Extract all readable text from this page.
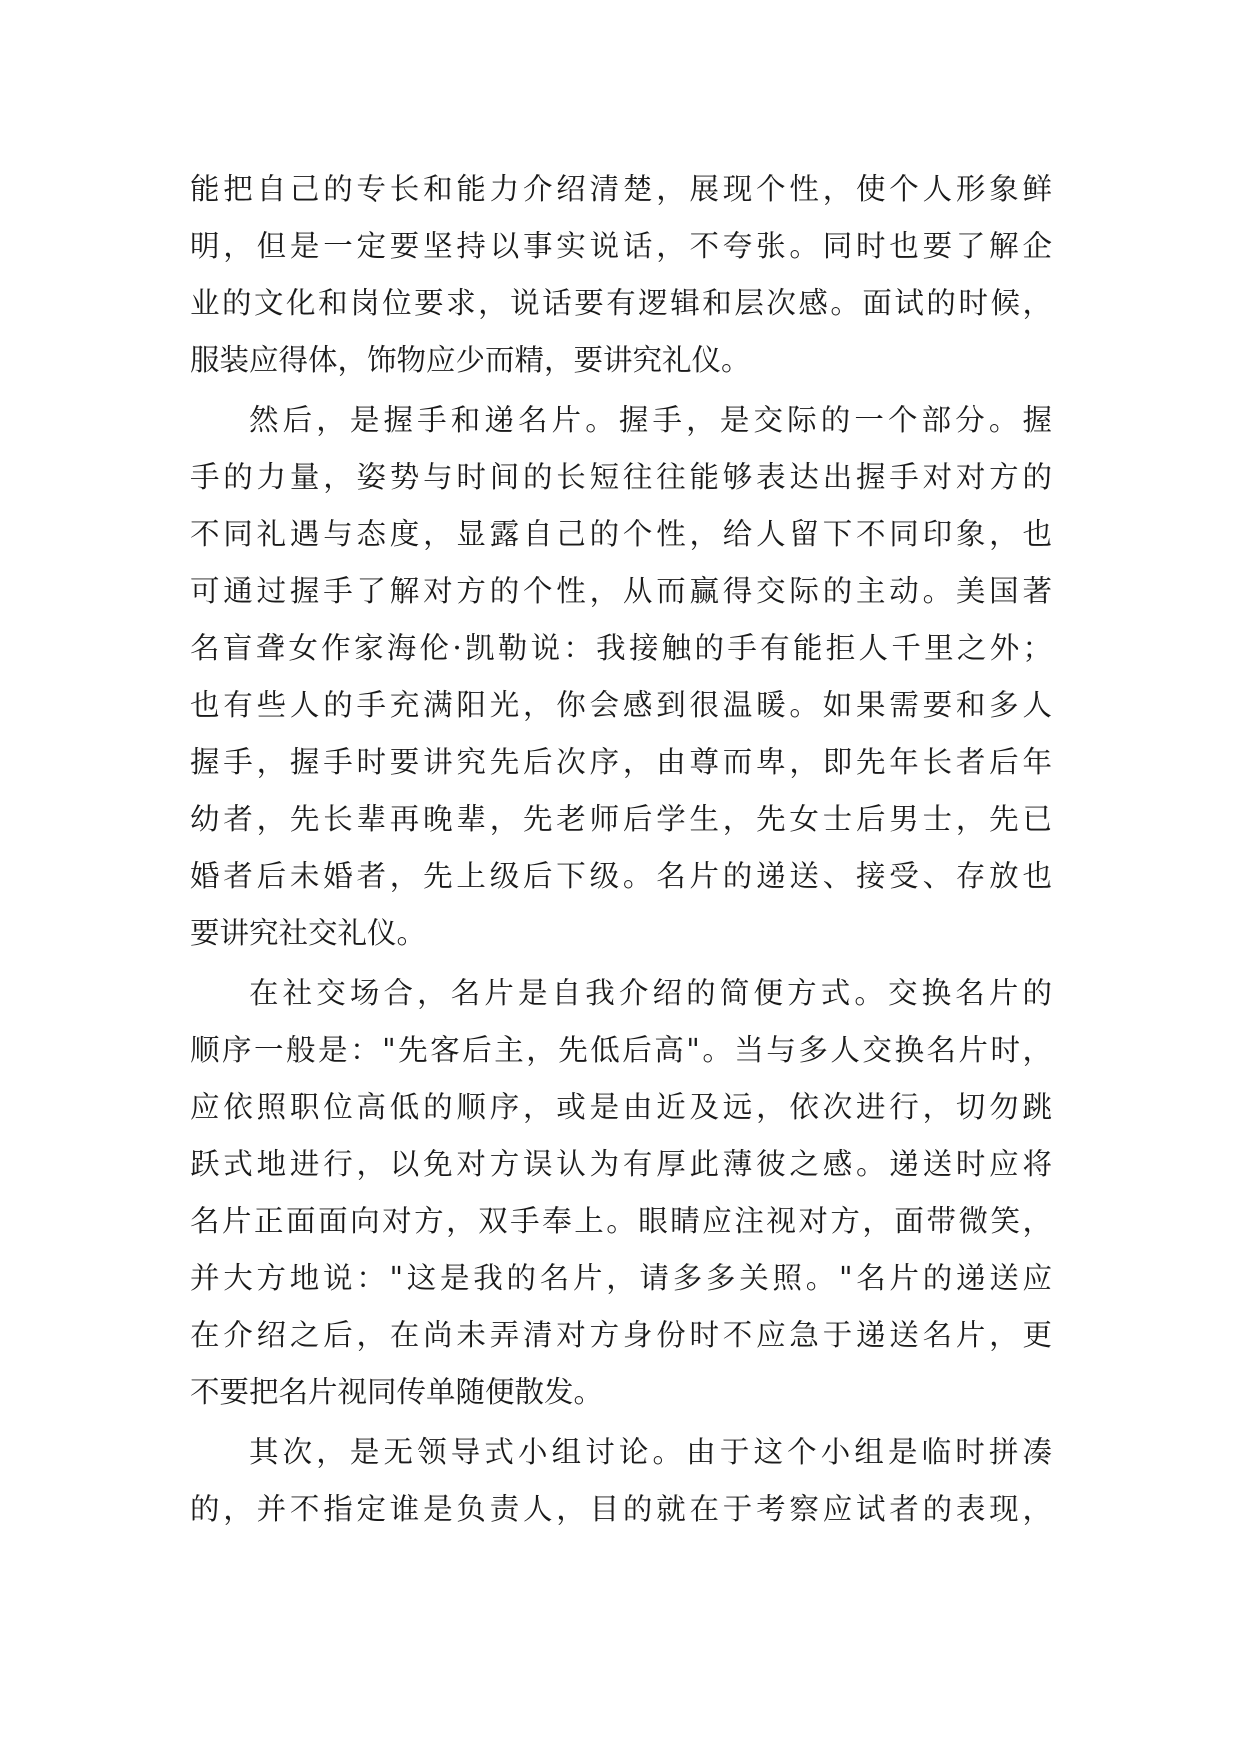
能把自己的专长和能力介绍清楚，展现个性，使个人形象鲜
明，但是一定要坚持以事实说话，不夸张。同时也要了解企
业的文化和岗位要求，说话要有逻辑和层次感。面试的时候，
服装应得体，饰物应少而精，要讲究礼仪。
然后，是握手和递名片。握手，是交际的一个部分。握
手的力量，姿势与时间的长短往往能够表达出握手对对方的
不同礼遇与态度，显露自己的个性，给人留下不同印象，也
可通过握手了解对方的个性，从而赢得交际的主动。美国著
名盲聋女作家海伦·凯勒说：我接触的手有能拒人千里之外；
也有些人的手充满阳光，你会感到很温暖。如果需要和多人
握手，握手时要讲究先后次序，由尊而卑，即先年长者后年
幼者，先长辈再晚辈，先老师后学生，先女士后男士，先已
婚者后未婚者，先上级后下级。名片的递送、接受、存放也
要讲究社交礼仪。
在社交场合，名片是自我介绍的简便方式。交换名片的
顺序一般是："先客后主，先低后高"。当与多人交换名片时，
应依照职位高低的顺序，或是由近及远，依次进行，切勿跳
跃式地进行，以免对方误认为有厚此薄彼之感。递送时应将
名片正面面向对方，双手奉上。眼睛应注视对方，面带微笑，
并大方地说："这是我的名片，请多多关照。"名片的递送应
在介绍之后，在尚未弄清对方身份时不应急于递送名片，更
不要把名片视同传单随便散发。
其次，是无领导式小组讨论。由于这个小组是临时拼凑
的，并不指定谁是负责人，目的就在于考察应试者的表现，
